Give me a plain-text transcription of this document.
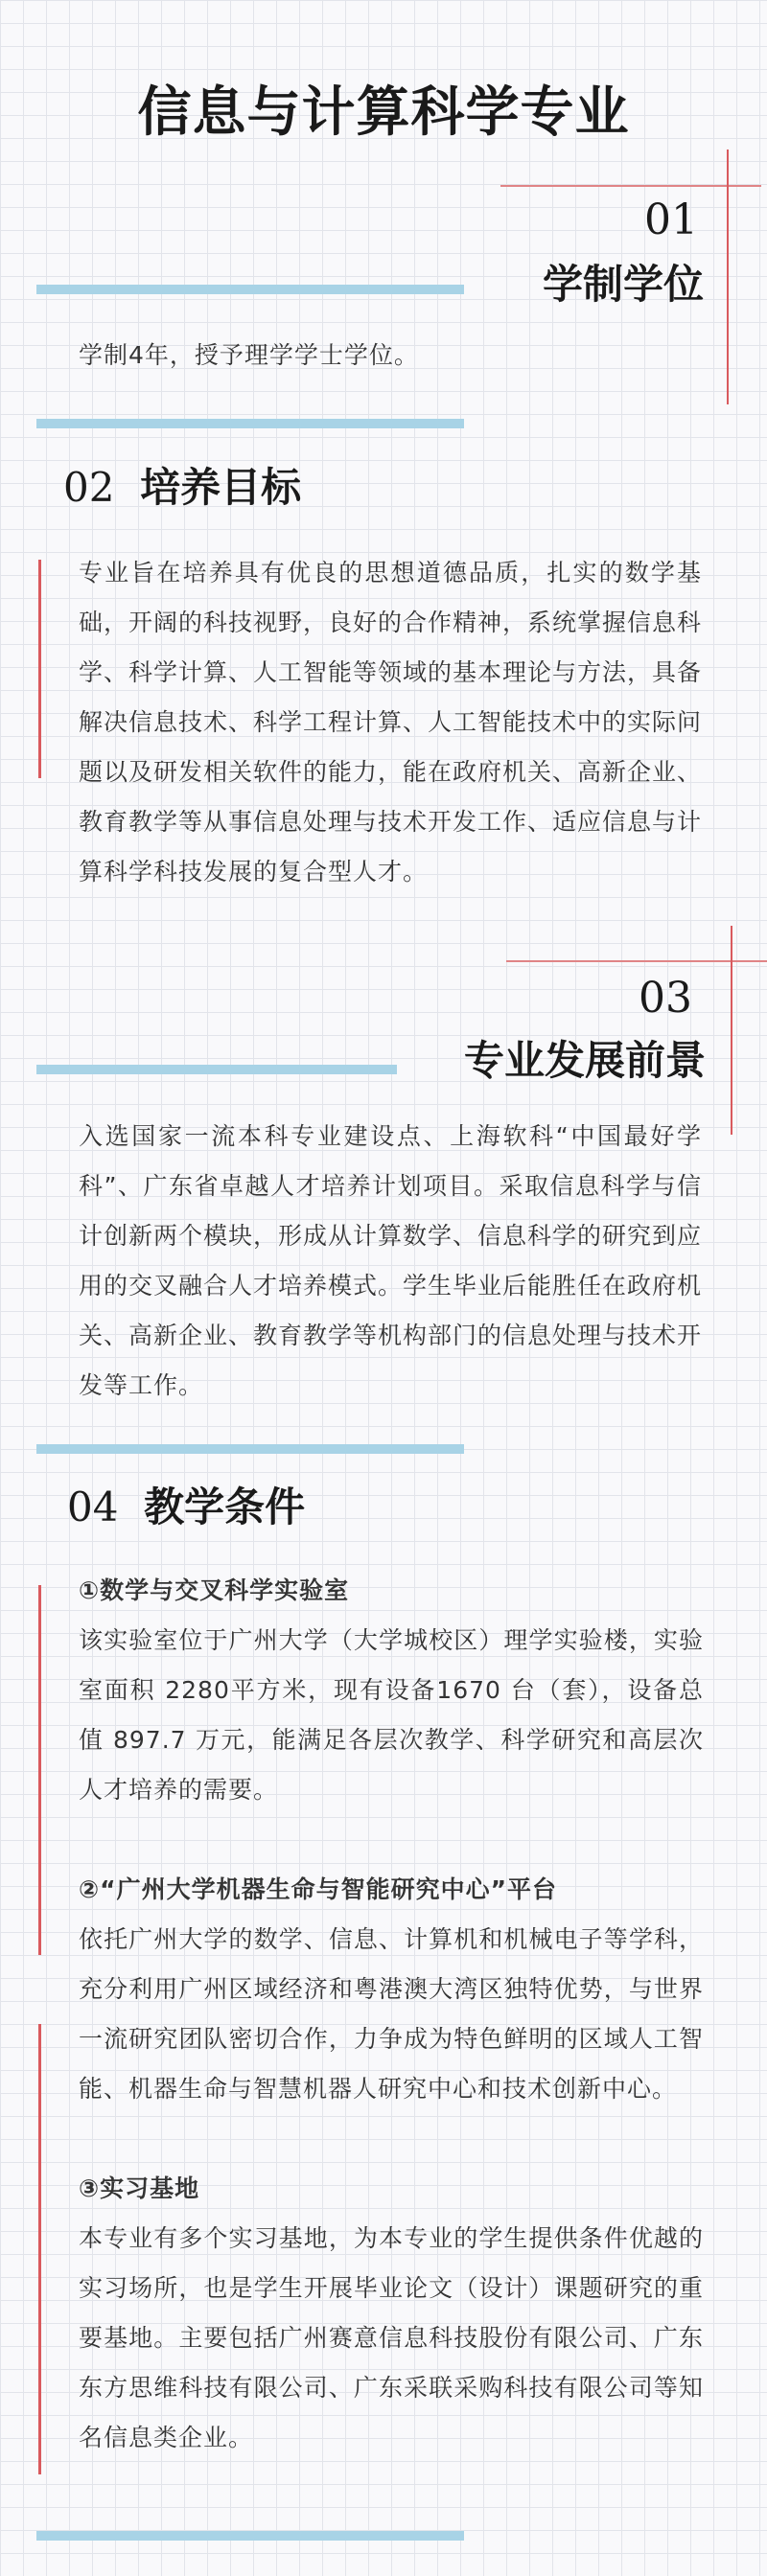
信息与计算科学专业
01
学制学位
学制4年，授予理学学士学位。
02 培养目标
专业旨在培养具有优良的思想道德品质，扎实的数学基础，开阔的科技视野，良好的合作精神，系统掌握信息科学、科学计算、人工智能等领域的基本理论与方法，具备解决信息技术、科学工程计算、人工智能技术中的实际问题以及研发相关软件的能力，能在政府机关、高新企业、教育教学等从事信息处理与技术开发工作、适应信息与计算科学科技发展的复合型人才。
03
专业发展前景
入选国家一流本科专业建设点、上海软科“中国最好学科”、广东省卓越人才培养计划项目。采取信息科学与信计创新两个模块，形成从计算数学、信息科学的研究到应用的交叉融合人才培养模式。学生毕业后能胜任在政府机关、高新企业、教育教学等机构部门的信息处理与技术开发等工作。
04 教学条件
①数学与交叉科学实验室
该实验室位于广州大学（大学城校区）理学实验楼，实验室面积 2280平方米，现有设备1670 台（套），设备总值 897.7 万元，能满足各层次教学、科学研究和高层次人才培养的需要。
②“广州大学机器生命与智能研究中心”平台
依托广州大学的数学、信息、计算机和机械电子等学科，充分利用广州区域经济和粤港澳大湾区独特优势，与世界一流研究团队密切合作，力争成为特色鲜明的区域人工智能、机器生命与智慧机器人研究中心和技术创新中心。
③实习基地
本专业有多个实习基地，为本专业的学生提供条件优越的实习场所，也是学生开展毕业论文（设计）课题研究的重要基地。主要包括广州赛意信息科技股份有限公司、广东东方思维科技有限公司、广东采联采购科技有限公司等知名信息类企业。
